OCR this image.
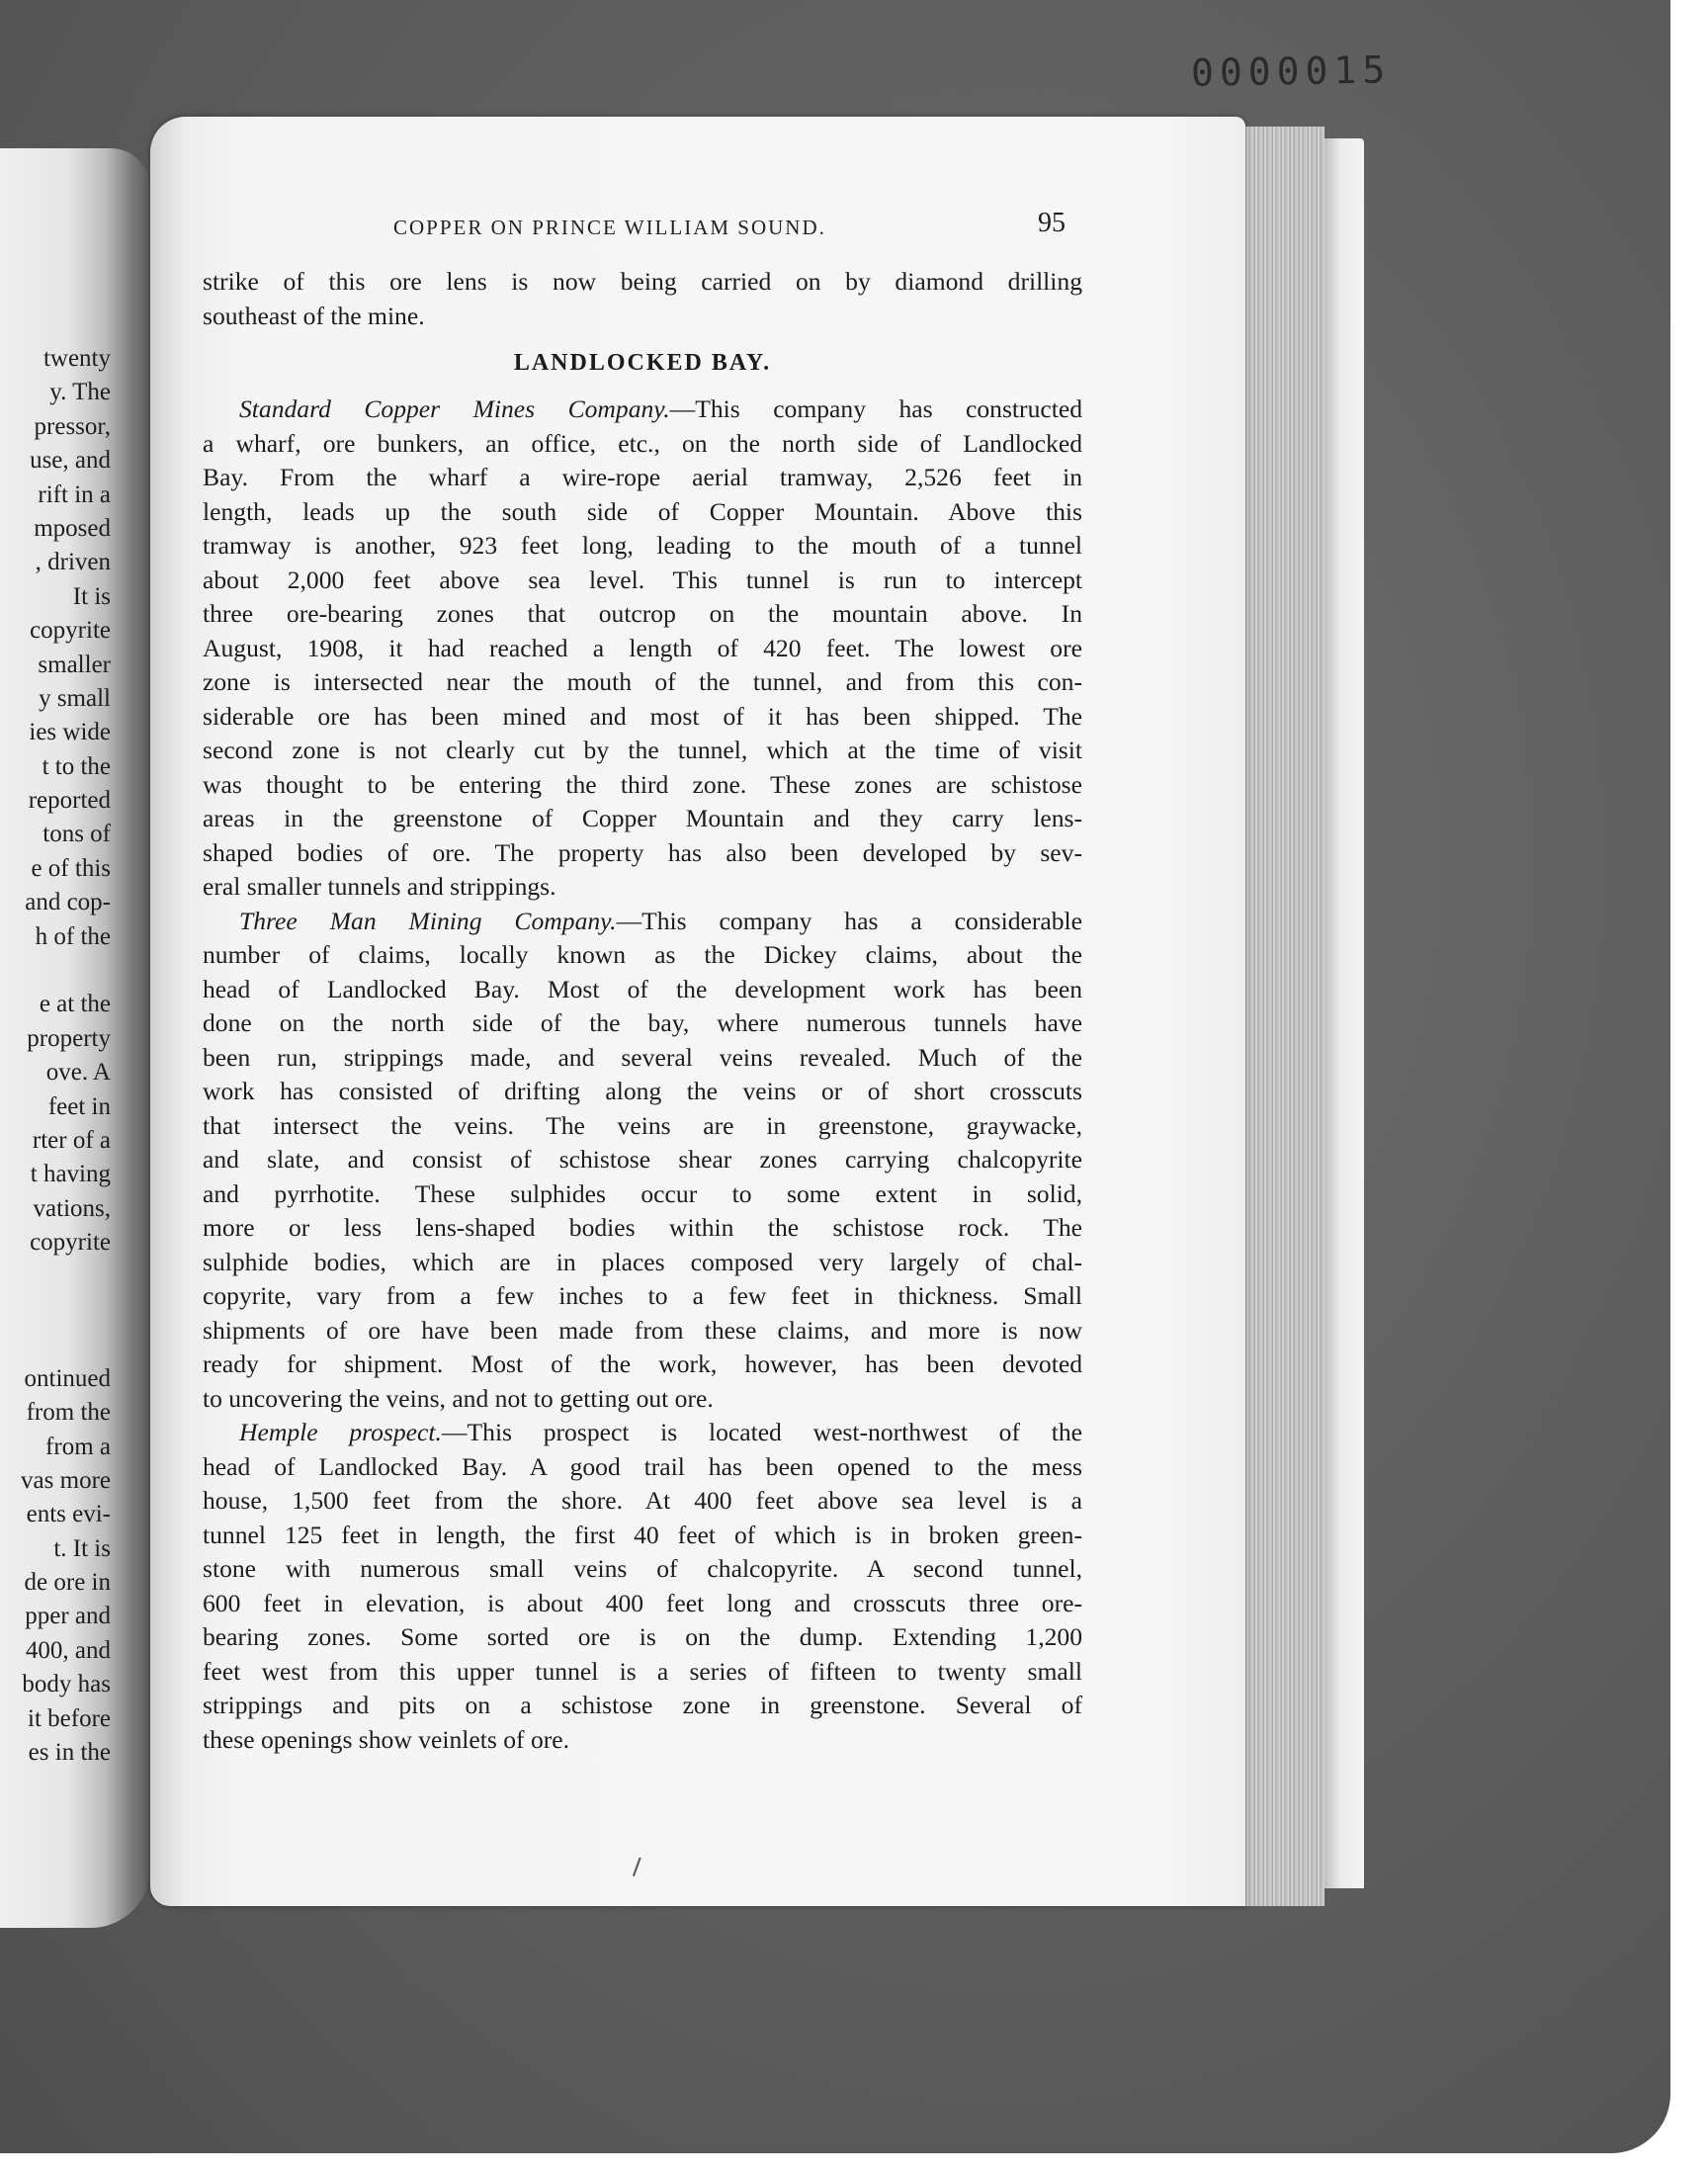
0000015
twenty
y. The
pressor,
use, and
rift in a
mposed
, driven
It is
copyrite
smaller
y small
ies wide
t to the
reported
tons of
e of this
and cop-
h of the
e at the
property
ove. A
feet in
rter of a
t having
vations,
copyrite
ontinued
from the
from a
vas more
ents evi-
t. It is
de ore in
pper and
400, and
body has
it before
es in the
COPPER ON PRINCE WILLIAM SOUND.	95
strike of this ore lens is now being carried on by diamond drilling
southeast of the mine.
LANDLOCKED BAY.
Standard Copper Mines Company.—This company has constructed
a wharf, ore bunkers, an office, etc., on the north side of Landlocked
Bay. From the wharf a wire-rope aerial tramway, 2,526 feet in
length, leads up the south side of Copper Mountain. Above this
tramway is another, 923 feet long, leading to the mouth of a tunnel
about 2,000 feet above sea level. This tunnel is run to intercept
three ore-bearing zones that outcrop on the mountain above. In
August, 1908, it had reached a length of 420 feet. The lowest ore
zone is intersected near the mouth of the tunnel, and from this con-
siderable ore has been mined and most of it has been shipped. The
second zone is not clearly cut by the tunnel, which at the time of visit
was thought to be entering the third zone. These zones are schistose
areas in the greenstone of Copper Mountain and they carry lens-
shaped bodies of ore. The property has also been developed by sev-
eral smaller tunnels and strippings.
Three Man Mining Company.—This company has a considerable
number of claims, locally known as the Dickey claims, about the
head of Landlocked Bay. Most of the development work has been
done on the north side of the bay, where numerous tunnels have
been run, strippings made, and several veins revealed. Much of the
work has consisted of drifting along the veins or of short crosscuts
that intersect the veins. The veins are in greenstone, graywacke,
and slate, and consist of schistose shear zones carrying chalcopyrite
and pyrrhotite. These sulphides occur to some extent in solid,
more or less lens-shaped bodies within the schistose rock. The
sulphide bodies, which are in places composed very largely of chal-
copyrite, vary from a few inches to a few feet in thickness. Small
shipments of ore have been made from these claims, and more is now
ready for shipment. Most of the work, however, has been devoted
to uncovering the veins, and not to getting out ore.
Hemple prospect.—This prospect is located west-northwest of the
head of Landlocked Bay. A good trail has been opened to the mess
house, 1,500 feet from the shore. At 400 feet above sea level is a
tunnel 125 feet in length, the first 40 feet of which is in broken green-
stone with numerous small veins of chalcopyrite. A second tunnel,
600 feet in elevation, is about 400 feet long and crosscuts three ore-
bearing zones. Some sorted ore is on the dump. Extending 1,200
feet west from this upper tunnel is a series of fifteen to twenty small
strippings and pits on a schistose zone in greenstone. Several of
these openings show veinlets of ore.
